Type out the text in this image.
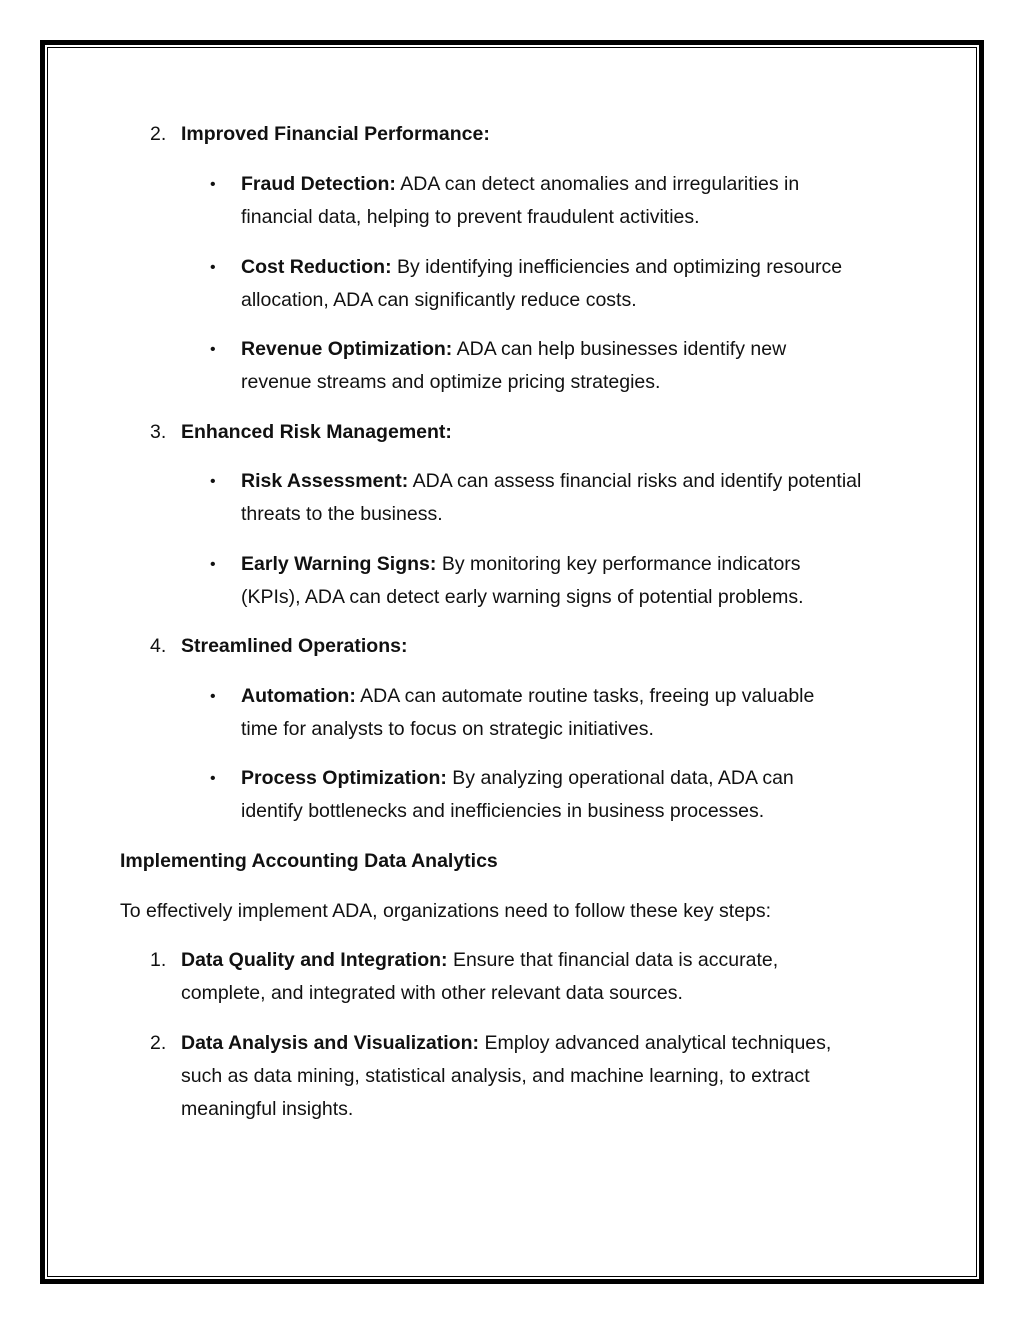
2. Improved Financial Performance:
• Fraud Detection: ADA can detect anomalies and irregularities in
financial data, helping to prevent fraudulent activities.
• Cost Reduction: By identifying inefficiencies and optimizing resource
allocation, ADA can significantly reduce costs.
• Revenue Optimization: ADA can help businesses identify new
revenue streams and optimize pricing strategies.
3. Enhanced Risk Management:
• Risk Assessment: ADA can assess financial risks and identify potential
threats to the business.
• Early Warning Signs: By monitoring key performance indicators
(KPIs), ADA can detect early warning signs of potential problems.
4. Streamlined Operations:
• Automation: ADA can automate routine tasks, freeing up valuable
time for analysts to focus on strategic initiatives.
• Process Optimization: By analyzing operational data, ADA can
identify bottlenecks and inefficiencies in business processes.
Implementing Accounting Data Analytics
To effectively implement ADA, organizations need to follow these key steps:
1. Data Quality and Integration: Ensure that financial data is accurate,
complete, and integrated with other relevant data sources.
2. Data Analysis and Visualization: Employ advanced analytical techniques,
such as data mining, statistical analysis, and machine learning, to extract
meaningful insights.
